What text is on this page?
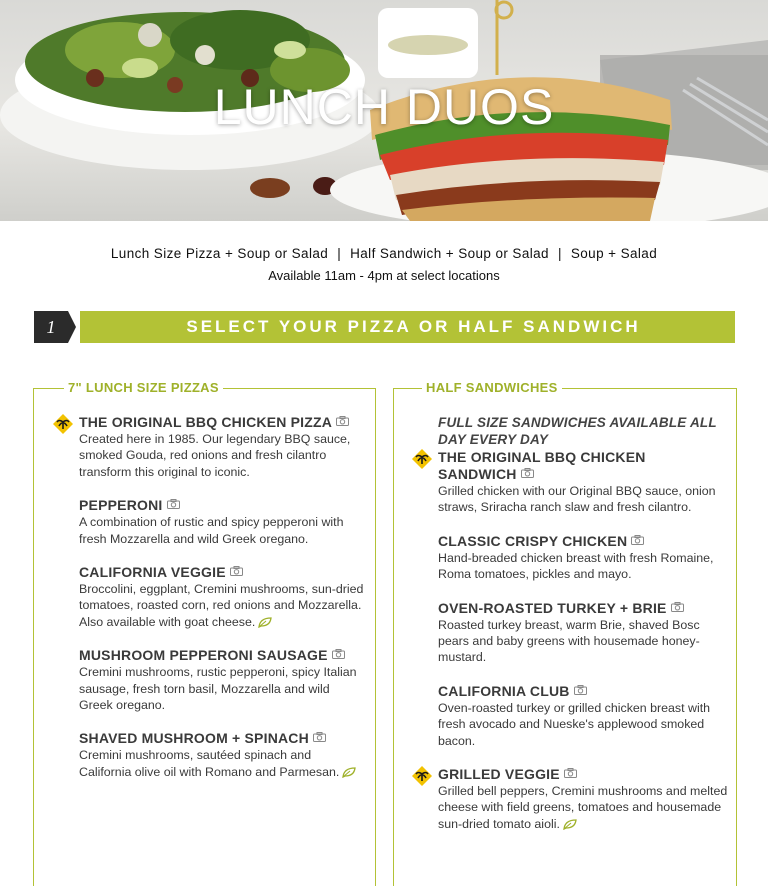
LUNCH DUOS
Lunch Size Pizza + Soup or Salad | Half Sandwich + Soup or Salad | Soup + Salad
Available 11am - 4pm at select locations
1	SELECT YOUR PIZZA OR HALF SANDWICH
7" LUNCH SIZE PIZZAS
THE ORIGINAL BBQ CHICKEN PIZZA
Created here in 1985. Our legendary BBQ sauce, smoked Gouda, red onions and fresh cilantro transform this original to iconic.
PEPPERONI
A combination of rustic and spicy pepperoni with fresh Mozzarella and wild Greek oregano.
CALIFORNIA VEGGIE
Broccolini, eggplant, Cremini mushrooms, sun-dried tomatoes, roasted corn, red onions and Mozzarella. Also available with goat cheese.
MUSHROOM PEPPERONI SAUSAGE
Cremini mushrooms, rustic pepperoni, spicy Italian sausage, fresh torn basil, Mozzarella and wild Greek oregano.
SHAVED MUSHROOM + SPINACH
Cremini mushrooms, sautéed spinach and California olive oil with Romano and Parmesan.
HALF SANDWICHES
FULL SIZE SANDWICHES AVAILABLE ALL DAY EVERY DAY
THE ORIGINAL BBQ CHICKEN SANDWICH
Grilled chicken with our Original BBQ sauce, onion straws, Sriracha ranch slaw and fresh cilantro.
CLASSIC CRISPY CHICKEN
Hand-breaded chicken breast with fresh Romaine, Roma tomatoes, pickles and mayo.
OVEN-ROASTED TURKEY + BRIE
Roasted turkey breast, warm Brie, shaved Bosc pears and baby greens with housemade honey-mustard.
CALIFORNIA CLUB
Oven-roasted turkey or grilled chicken breast with fresh avocado and Nueske's applewood smoked bacon.
GRILLED VEGGIE
Grilled bell peppers, Cremini mushrooms and melted cheese with field greens, tomatoes and housemade sun-dried tomato aioli.
